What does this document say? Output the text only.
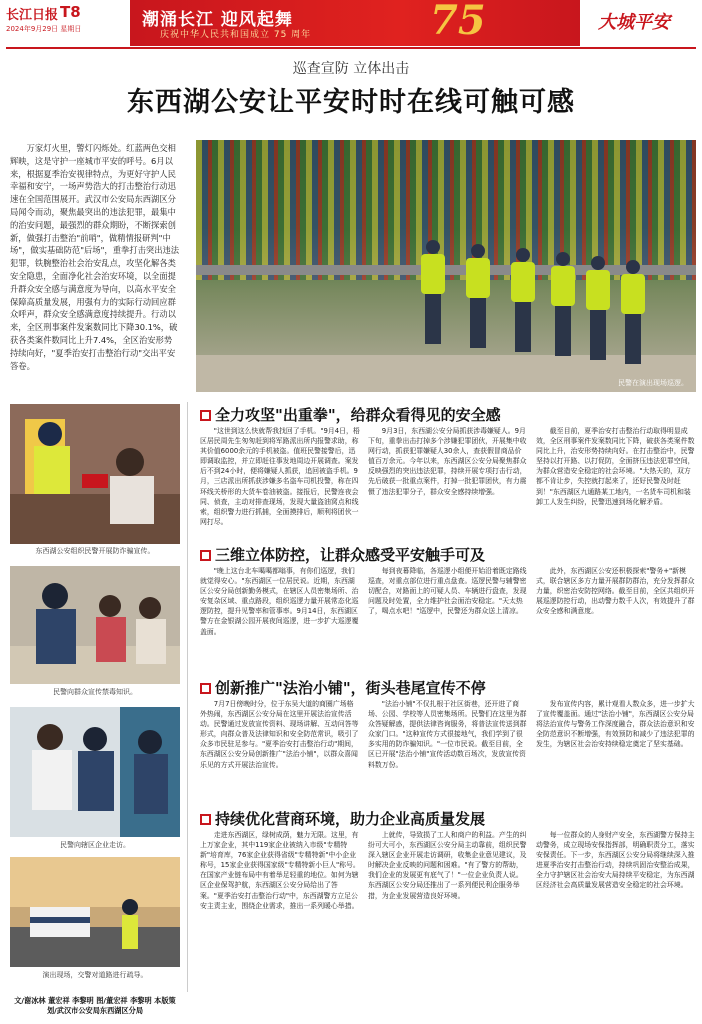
长江日报 T8
2024年9月29日 星期日	潮涌长江 迎风起舞
庆祝中华人民共和国成立 75 周年	75	大城平安
巡查宣防 立体出击
东西湖公安让平安时时在线可触可感

万家灯火里，警灯闪烁处。红蓝两色交相辉映，这是守护一座城市平安的呼号。6月以来，根据夏季治安视律特点，为更好守护人民幸福和安宁，一场声势浩大的打击整治行动迅速在全国范围展开。武汉市公安局东西湖区分局闻令而动，聚焦最突出的违法犯罪，最集中的治安问题，最强烈的群众期盼，不断探索创新，做强打击整治"前哨"，做精情报研判"中场"，做实基础防范"后场"，重拳打击突出违法犯罪，铁腕整治社会治安乱点，攻坚化解各类安全隐患，全面净化社会治安环境，以全面提升群众安全感与满意度为导向，以高水平安全保障高质量发展，用强有力的实际行动回应群众呼声，群众安全感满意度持续提升。行动以来，全区刑事案件发案数同比下降30.1%，破获各类案件数同比上升7.4%，全区治安形势持续向好，"夏季治安打击整治行动"交出平安答卷。

民警在演出现场巡逻。
全力攻坚"出重拳"，给群众看得见的安全感

"这世到这么快就帮我找回了手机。"9月4日，梧区居民周先生匆匆赶到将军路派出所内报警求助，称其价值6000余元的手机被盗。值班民警接警后，迅即调取监控，并立即赶往事发地周边开展调查。案发后不到24小时，便将嫌疑人抓获，追回被盗手机。9月，三店派出所抓获涉嫌多名盗车司机投警，称在四环线关桥形的大货车卷油被盗。接报后，民警连夜会同、侦查，主动对排查现场，发现大量盗油窝点和线索，组织警力进行抓捕，全面摸排后，顺利将团伙一网打尽。

9月3日，东西湖公安分局抓获涉毒嫌疑人。9月下旬，重拳出击打掉多个涉嫌犯罪团伙，开展集中收网行动，抓获犯罪嫌疑人30余人，查获假冒商品价值百万余元。今年以来，东西湖区公安分局聚焦群众反映强烈的突出违法犯罪，持续开展专项打击行动，先后破获一批重点案件，打掉一批犯罪团伙，有力震慑了违法犯罪分子，群众安全感持续增强。

截至目前，夏季治安打击整治行动取得明显成效，全区刑事案件发案数同比下降，破获各类案件数同比上升，治安形势持续向好。在打击整治中，民警坚持以打开路、以打促防，全面挤压违法犯罪空间，为群众营造安全稳定的社会环境。"大热天的，双方都不肯让步，失控就打起来了，还好民警及时赶到！"东西湖区九通路某工地内，一名货车司机和装卸工人发生纠纷，民警迅速到场化解矛盾。

三维立体防控，让群众感受平安触手可及

"晚上这台北车噶噶都嗡事，有你们巡逻，我们就觉得安心。"东西湖区一位居民说。近期，东西湖区公安分局创新勤务模式，在辖区人员密集场所、治安复杂区域、重点路段，组织巡逻力量开展常态化巡逻防控，提升见警率和管事率。9月14日，东西湖区警方在金银湖公园开展夜间巡逻，进一步扩大巡逻覆盖面。

每到夜幕降临，各巡逻小组便开始沿着既定路线巡查，对重点部位进行重点盘查。巡逻民警与辅警密切配合，对路面上的可疑人员、车辆进行盘查，发现问题及时处置，全力维护社会面治安稳定。"天太热了，喝点水吧！"巡逻中，民警还为群众送上清凉。

此外，东西湖区公安还积极探索"警务+"新模式，联合辖区多方力量开展群防群治，充分发挥群众力量，织密治安防控网络。截至目前，全区共组织开展巡逻防控行动，出动警力数千人次，有效提升了群众安全感和满意度。

创新推广"法治小铺"，街头巷尾宣传不停

7月7日傍晚时分，位于东吴大道的商圈广场格外热闹，东西湖区公安分局在这里开展法治宣传活动。民警通过发放宣传资料、现场讲解、互动问答等形式，向群众普及法律知识和安全防范常识，吸引了众多市民驻足参与。"夏季治安打击整治行动"期间，东西湖区公安分局创新推广"法治小铺"，以群众喜闻乐见的方式开展法治宣传。

"法治小铺"不仅扎根于社区街巷，还开进了商场、公园、学校等人员密集场所。民警们在这里为群众答疑解惑，提供法律咨询服务，将普法宣传送到群众家门口。"这种宣传方式很接地气，我们学到了很多实用的防诈骗知识。"一位市民说。截至目前，全区已开展"法治小铺"宣传活动数百场次，发放宣传资料数万份。

发布宣传内容，累计观看人数众多，进一步扩大了宣传覆盖面。通过"法治小铺"，东西湖区公安分局将法治宣传与警务工作深度融合，群众法治意识和安全防范意识不断增强，有效预防和减少了违法犯罪的发生，为辖区社会治安持续稳定奠定了坚实基础。

持续优化营商环境，助力企业高质量发展

走进东西湖区，绿树成荫，魅力无限。这里，有上万家企业，其中119家企业被纳入市级"专精特新"培育库，76家企业获得省级"专精特新"中小企业称号，15家企业获得国家级"专精特新小巨人"称号。在国家产业链布局中有着举足轻重的地位。如何为辖区企业保驾护航，东西湖区公安分局给出了答案。"夏季治安打击整治行动"中，东西湖警方立足公安主责主业，围绕企业需求，推出一系列暖心举措。

上就传，导致损了工人和商户的利益。产生的纠纷可大可小，东西湖区公安分局主动靠前，组织民警深入辖区企业开展走访调研，收集企业意见建议，及时解决企业反映的问题和困难。"有了警方的帮助，我们企业的发展更有底气了！"一位企业负责人说。东西湖区公安分局还推出了一系列便民利企服务举措，为企业发展营造良好环境。

每一位群众的人身财产安全，东西湖警方保持主动警务，成立现场安保指挥部，明确职责分工，落实安保责任。下一步，东西湖区公安分局将继续深入推进夏季治安打击整治行动，持续巩固治安整治成果，全力守护辖区社会治安大局持续平安稳定，为东西湖区经济社会高质量发展营造安全稳定的社会环境。

东西湖公安组织民警开展防诈骗宣传。
民警向群众宣传禁毒知识。
民警向辖区企业走访。
演出现场，交警对道路进行疏导。
文/谢冰林 董宏祥 李黎明 图/董宏祥 李黎明 本版策划/武汉市公安局东西湖区分局
